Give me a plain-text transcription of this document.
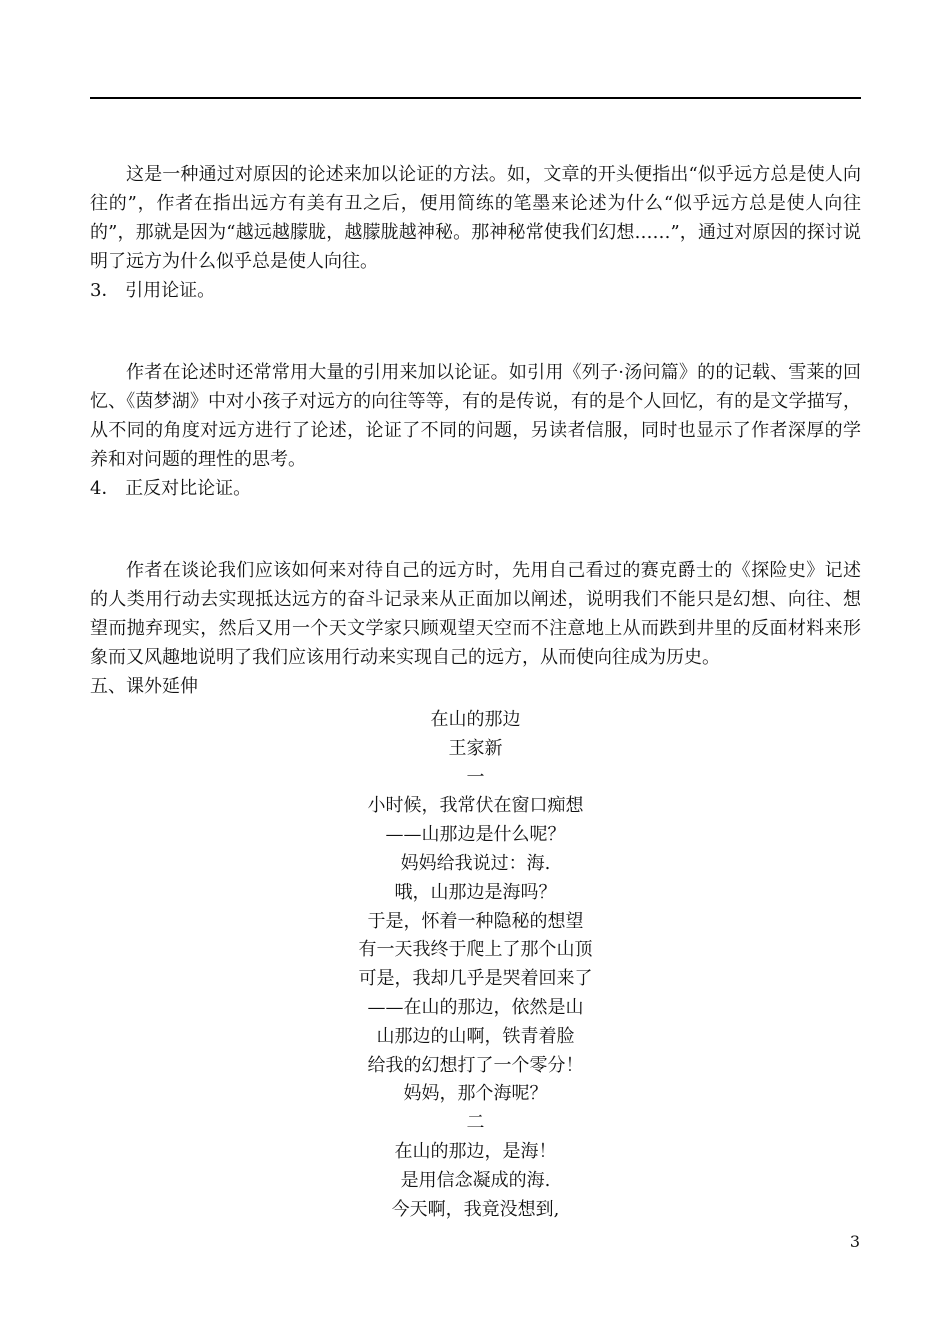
这是一种通过对原因的论述来加以论证的方法。如，文章的开头便指出“似乎远方总是使人向往的”，作者在指出远方有美有丑之后，便用简练的笔墨来论述为什么“似乎远方总是使人向往的”，那就是因为“越远越朦胧，越朦胧越神秘。那神秘常使我们幻想……”，通过对原因的探讨说明了远方为什么似乎总是使人向往。

3． 引用论证。

作者在论述时还常常用大量的引用来加以论证。如引用《列子·汤问篇》的的记载、雪莱的回忆、《茵梦湖》中对小孩子对远方的向往等等，有的是传说，有的是个人回忆，有的是文学描写，从不同的角度对远方进行了论述，论证了不同的问题，另读者信服，同时也显示了作者深厚的学养和对问题的理性的思考。

4． 正反对比论证。

作者在谈论我们应该如何来对待自己的远方时，先用自己看过的赛克爵士的《探险史》记述的人类用行动去实现抵达远方的奋斗记录来从正面加以阐述，说明我们不能只是幻想、向往、想望而抛弃现实，然后又用一个天文学家只顾观望天空而不注意地上从而跌到井里的反面材料来形象而又风趣地说明了我们应该用行动来实现自己的远方，从而使向往成为历史。

五、课外延伸

在山的那边
王家新
一
小时候，我常伏在窗口痴想
——山那边是什么呢？
妈妈给我说过：海.
哦，山那边是海吗？
于是，怀着一种隐秘的想望
有一天我终于爬上了那个山顶
可是，我却几乎是哭着回来了
——在山的那边，依然是山
山那边的山啊，铁青着脸
给我的幻想打了一个零分！
妈妈，那个海呢？
二
在山的那边，是海！
是用信念凝成的海.
今天啊，我竟没想到,
3
